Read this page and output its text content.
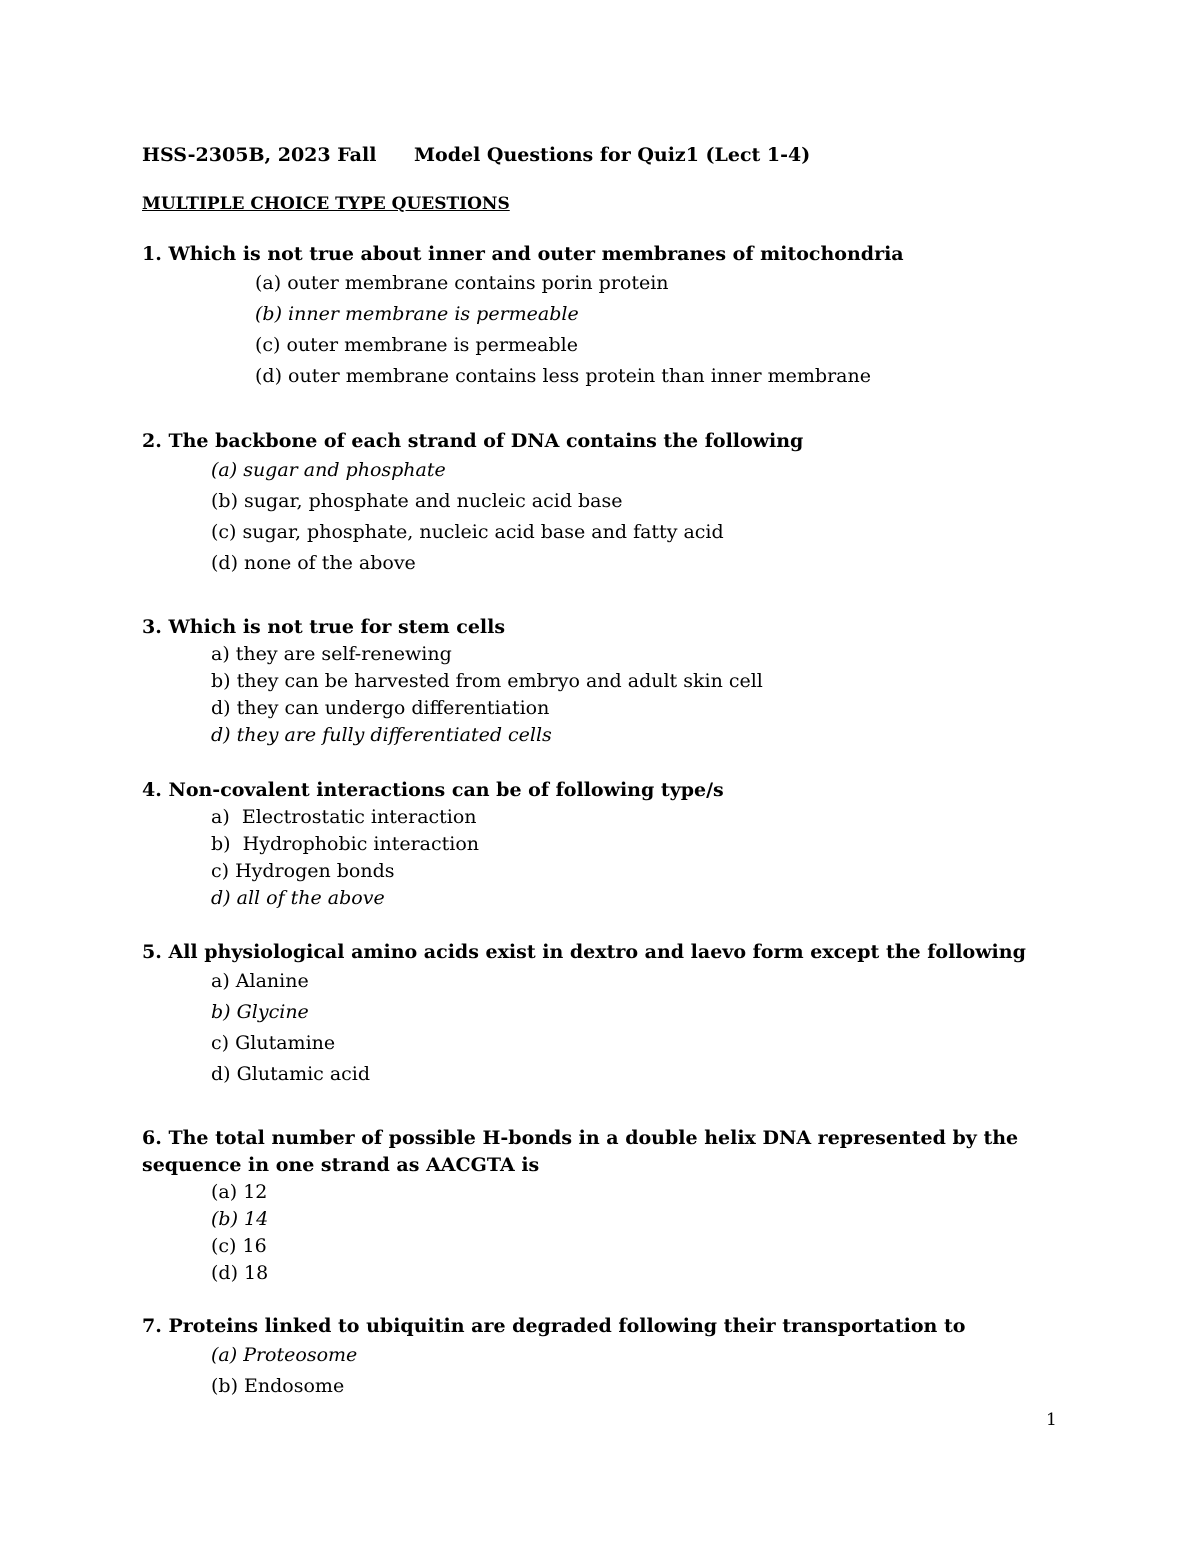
HSS-2305B, 2023 Fall Model Questions for Quiz1 (Lect 1-4)
MULTIPLE CHOICE TYPE QUESTIONS

1. Which is not true about inner and outer membranes of mitochondria

(a) outer membrane contains porin protein
(b) inner membrane is permeable
(c) outer membrane is permeable
(d) outer membrane contains less protein than inner membrane

2. The backbone of each strand of DNA contains the following

(a) sugar and phosphate
(b) sugar, phosphate and nucleic acid base
(c) sugar, phosphate, nucleic acid base and fatty acid
(d) none of the above

3. Which is not true for stem cells

a) they are self-renewing
b) they can be harvested from embryo and adult skin cell
d) they can undergo differentiation
d) they are fully differentiated cells

4. Non-covalent interactions can be of following type/s

a)  Electrostatic interaction
b)  Hydrophobic interaction
c) Hydrogen bonds
d) all of the above

5. All physiological amino acids exist in dextro and laevo form except the following

a) Alanine
b) Glycine
c) Glutamine
d) Glutamic acid

6. The total number of possible H-bonds in a double helix DNA represented by the sequence in one strand as AACGTA is

(a) 12
(b) 14
(c) 16
(d) 18

7. Proteins linked to ubiquitin are degraded following their transportation to

(a) Proteosome
(b) Endosome
1
